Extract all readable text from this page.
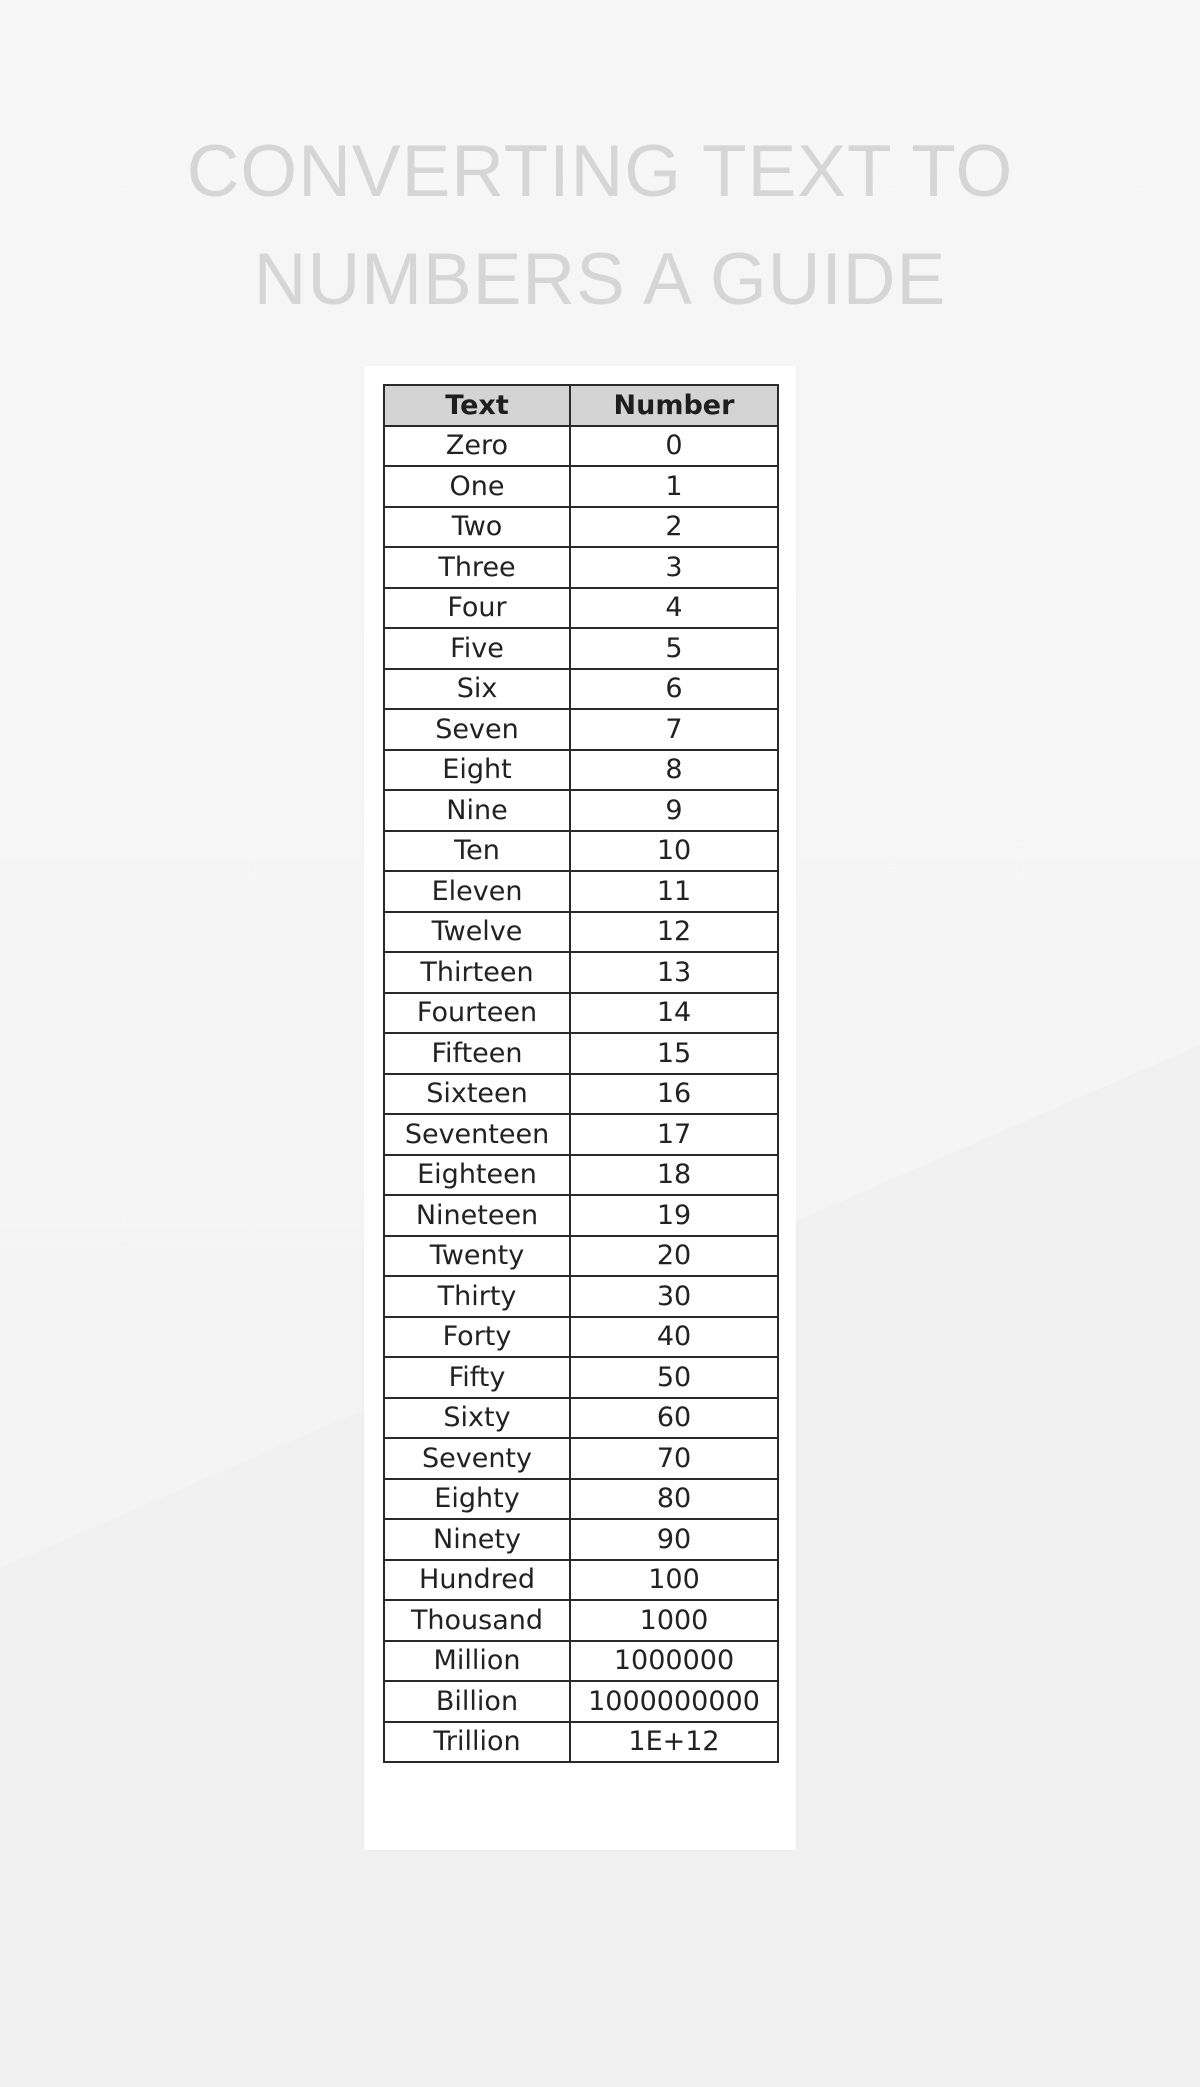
CONVERTING TEXT TO
NUMBERS A GUIDE
Text	Number
Zero	0
One	1
Two	2
Three	3
Four	4
Five	5
Six	6
Seven	7
Eight	8
Nine	9
Ten	10
Eleven	11
Twelve	12
Thirteen	13
Fourteen	14
Fifteen	15
Sixteen	16
Seventeen	17
Eighteen	18
Nineteen	19
Twenty	20
Thirty	30
Forty	40
Fifty	50
Sixty	60
Seventy	70
Eighty	80
Ninety	90
Hundred	100
Thousand	1000
Million	1000000
Billion	1000000000
Trillion	1E+12
